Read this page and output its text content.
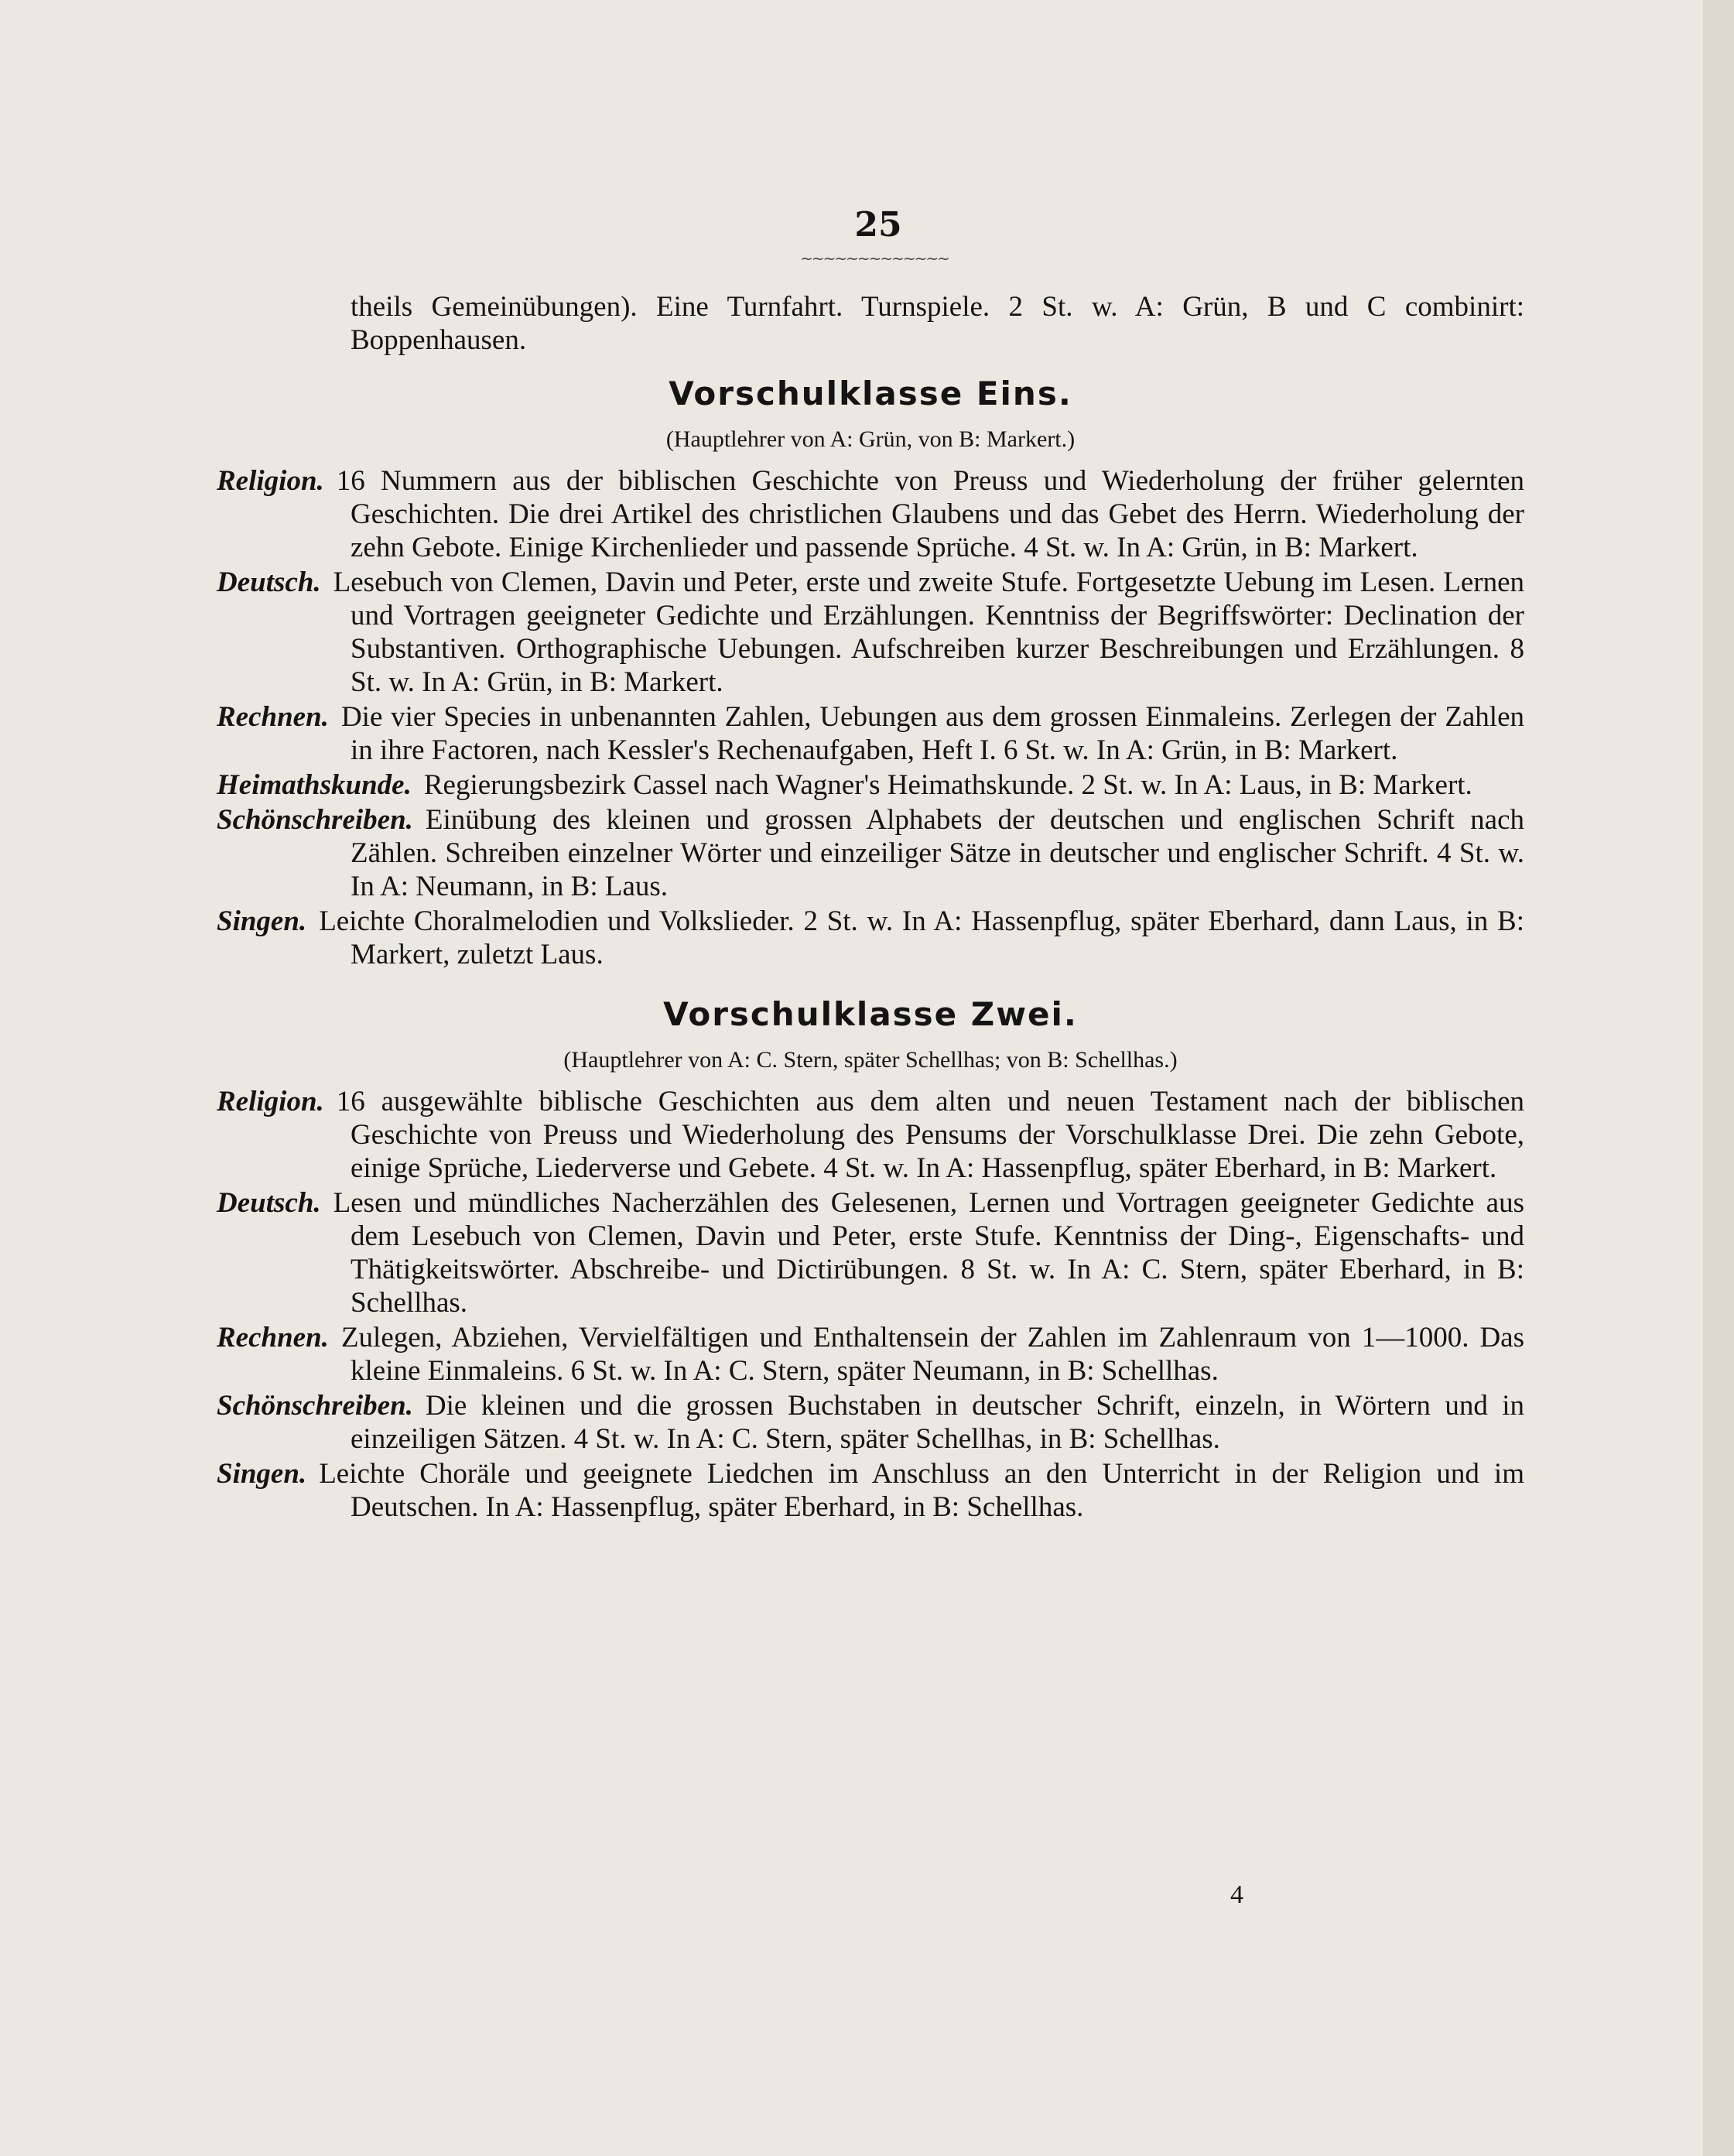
25
~~~~~~~~~~~~~

theils Gemeinübungen). Eine Turnfahrt. Turnspiele. 2 St. w. A: Grün, B und C combinirt: Boppenhausen.

Vorschulklasse Eins.
(Hauptlehrer von A: Grün, von B: Markert.)

Religion. 16 Nummern aus der biblischen Geschichte von Preuss und Wiederholung der früher gelernten Geschichten. Die drei Artikel des christlichen Glaubens und das Gebet des Herrn. Wiederholung der zehn Gebote. Einige Kirchenlieder und passende Sprüche. 4 St. w. In A: Grün, in B: Markert.

Deutsch. Lesebuch von Clemen, Davin und Peter, erste und zweite Stufe. Fortgesetzte Uebung im Lesen. Lernen und Vortragen geeigneter Gedichte und Erzählungen. Kenntniss der Begriffswörter: Declination der Substantiven. Orthographische Uebungen. Aufschreiben kurzer Beschreibungen und Erzählungen. 8 St. w. In A: Grün, in B: Markert.

Rechnen. Die vier Species in unbenannten Zahlen, Uebungen aus dem grossen Einmaleins. Zerlegen der Zahlen in ihre Factoren, nach Kessler's Rechenaufgaben, Heft I. 6 St. w. In A: Grün, in B: Markert.

Heimathskunde. Regierungsbezirk Cassel nach Wagner's Heimathskunde. 2 St. w. In A: Laus, in B: Markert.

Schönschreiben. Einübung des kleinen und grossen Alphabets der deutschen und englischen Schrift nach Zählen. Schreiben einzelner Wörter und einzeiliger Sätze in deutscher und englischer Schrift. 4 St. w. In A: Neumann, in B: Laus.

Singen. Leichte Choralmelodien und Volkslieder. 2 St. w. In A: Hassenpflug, später Eberhard, dann Laus, in B: Markert, zuletzt Laus.

Vorschulklasse Zwei.
(Hauptlehrer von A: C. Stern, später Schellhas; von B: Schellhas.)

Religion. 16 ausgewählte biblische Geschichten aus dem alten und neuen Testament nach der biblischen Geschichte von Preuss und Wiederholung des Pensums der Vorschulklasse Drei. Die zehn Gebote, einige Sprüche, Liederverse und Gebete. 4 St. w. In A: Hassenpflug, später Eberhard, in B: Markert.

Deutsch. Lesen und mündliches Nacherzählen des Gelesenen, Lernen und Vortragen geeigneter Gedichte aus dem Lesebuch von Clemen, Davin und Peter, erste Stufe. Kenntniss der Ding-, Eigenschafts- und Thätigkeitswörter. Abschreibe- und Dictirübungen. 8 St. w. In A: C. Stern, später Eberhard, in B: Schellhas.

Rechnen. Zulegen, Abziehen, Vervielfältigen und Enthaltensein der Zahlen im Zahlenraum von 1—1000. Das kleine Einmaleins. 6 St. w. In A: C. Stern, später Neumann, in B: Schellhas.

Schönschreiben. Die kleinen und die grossen Buchstaben in deutscher Schrift, einzeln, in Wörtern und in einzeiligen Sätzen. 4 St. w. In A: C. Stern, später Schellhas, in B: Schellhas.

Singen. Leichte Choräle und geeignete Liedchen im Anschluss an den Unterricht in der Religion und im Deutschen. In A: Hassenpflug, später Eberhard, in B: Schellhas.

4
